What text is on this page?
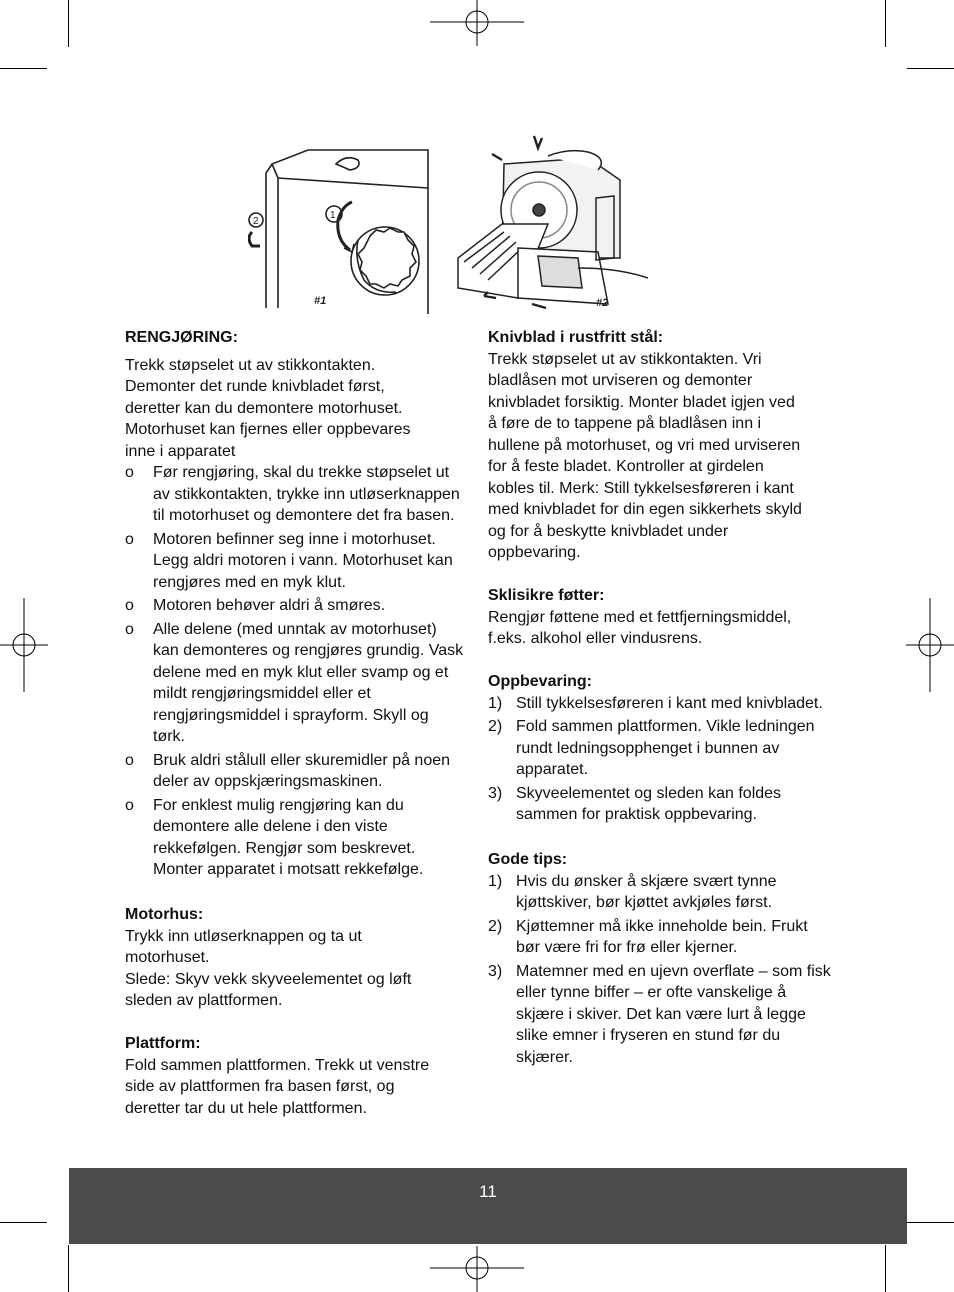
1
2
#1	#2

RENGJØRING:

Trekk støpselet ut av stikkontakten.

Demonter det runde knivbladet først,

deretter kan du demontere motorhuset.

Motorhuset kan fjernes eller oppbevares

inne i apparatet

o Før rengjøring, skal du trekke støpselet ut av stikkontakten, trykke inn utløserknappen til motorhuset og demontere det fra basen.
o Motoren befinner seg inne i motorhuset. Legg aldri motoren i vann. Motorhuset kan rengjøres med en myk klut.
o Motoren behøver aldri å smøres.
o Alle delene (med unntak av motorhuset) kan demonteres og rengjøres grundig. Vask delene med en myk klut eller svamp og et mildt rengjøringsmiddel eller et rengjøringsmiddel i sprayform. Skyll og tørk.
o Bruk aldri stålull eller skuremidler på noen deler av oppskjæringsmaskinen.
o For enklest mulig rengjøring kan du demontere alle delene i den viste rekkefølgen. Rengjør som beskrevet. Monter apparatet i motsatt rekkefølge.

Motorhus:

Trykk inn utløserknappen og ta ut

motorhuset.

Slede: Skyv vekk skyveelementet og løft

sleden av plattformen.

Plattform:

Fold sammen plattformen. Trekk ut venstre

side av plattformen fra basen først, og

deretter tar du ut hele plattformen.

Knivblad i rustfritt stål:

Trekk støpselet ut av stikkontakten. Vri

bladlåsen mot urviseren og demonter

knivbladet forsiktig. Monter bladet igjen ved

å føre de to tappene på bladlåsen inn i

hullene på motorhuset, og vri med urviseren

for å feste bladet. Kontroller at girdelen

kobles til. Merk: Still tykkelsesføreren i kant

med knivbladet for din egen sikkerhets skyld

og for å beskytte knivbladet under

oppbevaring.

Sklisikre føtter:

Rengjør føttene med et fettfjerningsmiddel,

f.eks. alkohol eller vindusrens.

Oppbevaring:

1) Still tykkelsesføreren i kant med knivbladet.
2) Fold sammen plattformen. Vikle ledningen rundt ledningsopphenget i bunnen av apparatet.
3) Skyveelementet og sleden kan foldes sammen for praktisk oppbevaring.

Gode tips:

1) Hvis du ønsker å skjære svært tynne kjøttskiver, bør kjøttet avkjøles først.
2) Kjøttemner må ikke inneholde bein. Frukt bør være fri for frø eller kjerner.
3) Matemner med en ujevn overflate – som fisk eller tynne biffer – er ofte vanskelige å skjære i skiver. Det kan være lurt å legge slike emner i fryseren en stund før du skjærer.
11
